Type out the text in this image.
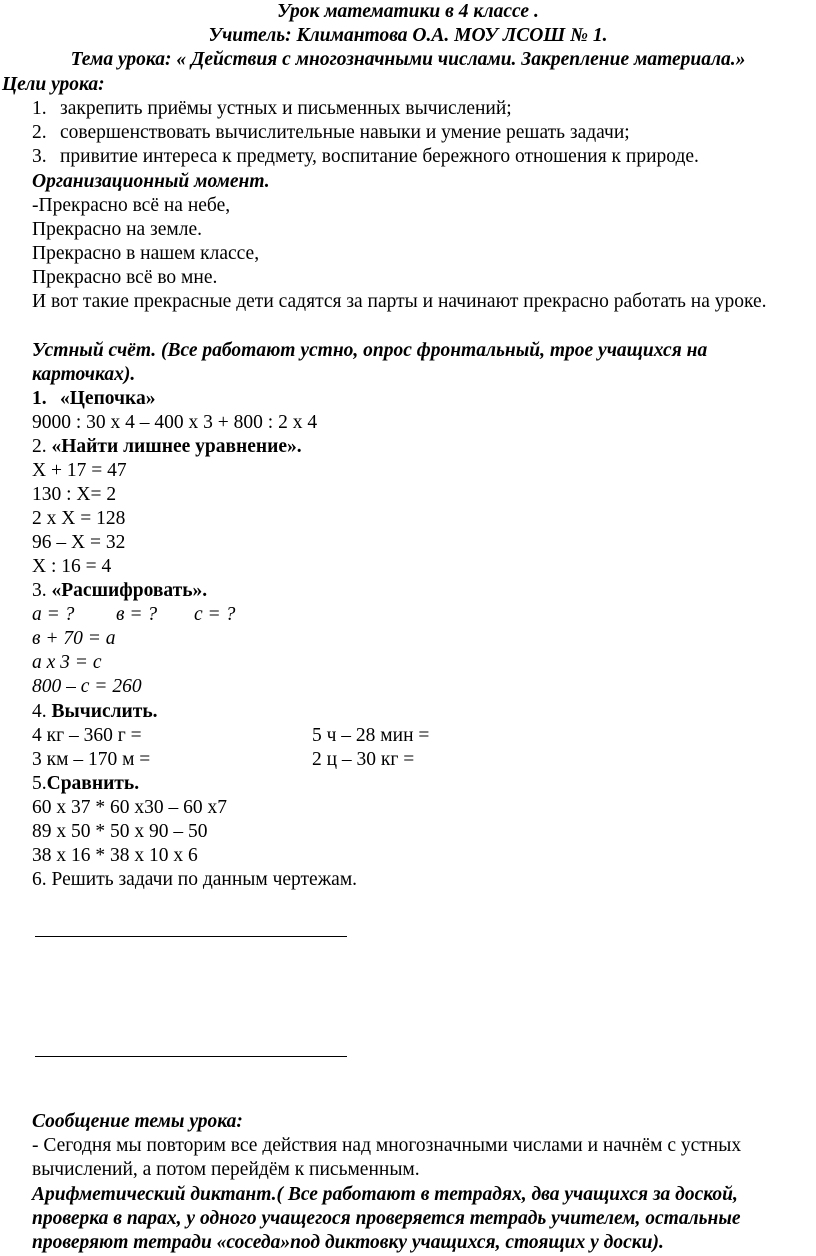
Урок математики в 4 классе .
Учитель: Климантова О.А. МОУ ЛСОШ № 1.
Тема урока: « Действия с многозначными числами. Закрепление материала.»
Цели урока:
1. закрепить приёмы устных и письменных вычислений;
2. совершенствовать вычислительные навыки и умение решать задачи;
3. привитие интереса к предмету, воспитание бережного отношения к природе.
Организационный момент.
-Прекрасно всё на небе,
Прекрасно на земле.
Прекрасно в нашем классе,
Прекрасно всё во мне.
И вот такие прекрасные дети садятся за парты и начинают прекрасно работать на уроке.
Устный счёт. (Все работают устно, опрос фронтальный, трое учащихся на карточках).
1. «Цепочка»
9000 : 30 х 4 – 400 х 3 + 800 : 2 х 4
2. «Найти лишнее уравнение».
Х + 17 = 47
130 : Х= 2
2 х Х = 128
96 – Х = 32
Х : 16 = 4
3. «Расшифровать».
а = ? в = ? с = ?
в + 70 = а
а х 3 = с
800 – с = 260
4. Вычислить.
4 кг – 360 г =	5 ч – 28 мин =
3 км – 170 м =	2 ц – 30 кг =
5.Сравнить.
60 х 37 * 60 х30 – 60 х7
89 х 50 * 50 х 90 – 50
38 х 16 * 38 х 10 х 6
6. Решить задачи по данным чертежам.
Сообщение темы урока:
- Сегодня мы повторим все действия над многозначными числами и начнём с устных вычислений, а потом перейдём к письменным.
Арифметический диктант.( Все работают в тетрадях, два учащихся за доской, проверка в парах, у одного учащегося проверяется тетрадь учителем, остальные проверяют тетради «соседа»под диктовку учащихся, стоящих у доски).
